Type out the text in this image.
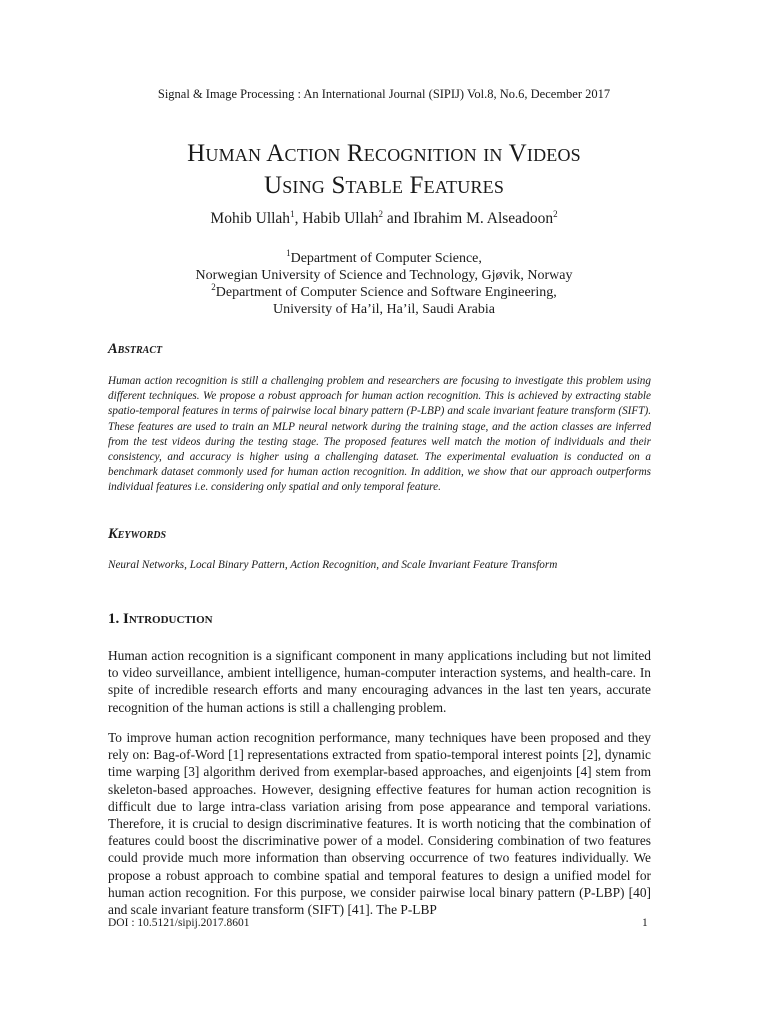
Signal & Image Processing : An International Journal (SIPIJ) Vol.8, No.6, December 2017
Human Action Recognition in Videos
Using Stable Features
Mohib Ullah$^1$, Habib Ullah$^2$ and Ibrahim M. Alseadoon$^2$
$^1$Department of Computer Science,
Norwegian University of Science and Technology, Gjøvik, Norway
$^2$Department of Computer Science and Software Engineering,
University of Ha’il, Ha’il, Saudi Arabia
Abstract

Human action recognition is still a challenging problem and researchers are focusing to investigate this problem using different techniques. We propose a robust approach for human action recognition. This is achieved by extracting stable spatio-temporal features in terms of pairwise local binary pattern (P-LBP) and scale invariant feature transform (SIFT). These features are used to train an MLP neural network during the training stage, and the action classes are inferred from the test videos during the testing stage. The proposed features well match the motion of individuals and their consistency, and accuracy is higher using a challenging dataset. The experimental evaluation is conducted on a benchmark dataset commonly used for human action recognition. In addition, we show that our approach outperforms individual features i.e. considering only spatial and only temporal feature.

Keywords

Neural Networks, Local Binary Pattern, Action Recognition, and Scale Invariant Feature Transform

1. Introduction

Human action recognition is a significant component in many applications including but not limited to video surveillance, ambient intelligence, human-computer interaction systems, and health-care. In spite of incredible research efforts and many encouraging advances in the last ten years, accurate recognition of the human actions is still a challenging problem.

To improve human action recognition performance, many techniques have been proposed and they rely on: Bag-of-Word [1] representations extracted from spatio-temporal interest points [2], dynamic time warping [3] algorithm derived from exemplar-based approaches, and eigenjoints [4] stem from skeleton-based approaches. However, designing effective features for human action recognition is difficult due to large intra-class variation arising from pose appearance and temporal variations. Therefore, it is crucial to design discriminative features. It is worth noticing that the combination of features could boost the discriminative power of a model. Considering combination of two features could provide much more information than observing occurrence of two features individually. We propose a robust approach to combine spatial and temporal features to design a unified model for human action recognition. For this purpose, we consider pairwise local binary pattern (P-LBP) [40] and scale invariant feature transform (SIFT) [41]. The P-LBP

DOI : 10.5121/sipij.2017.8601	1
